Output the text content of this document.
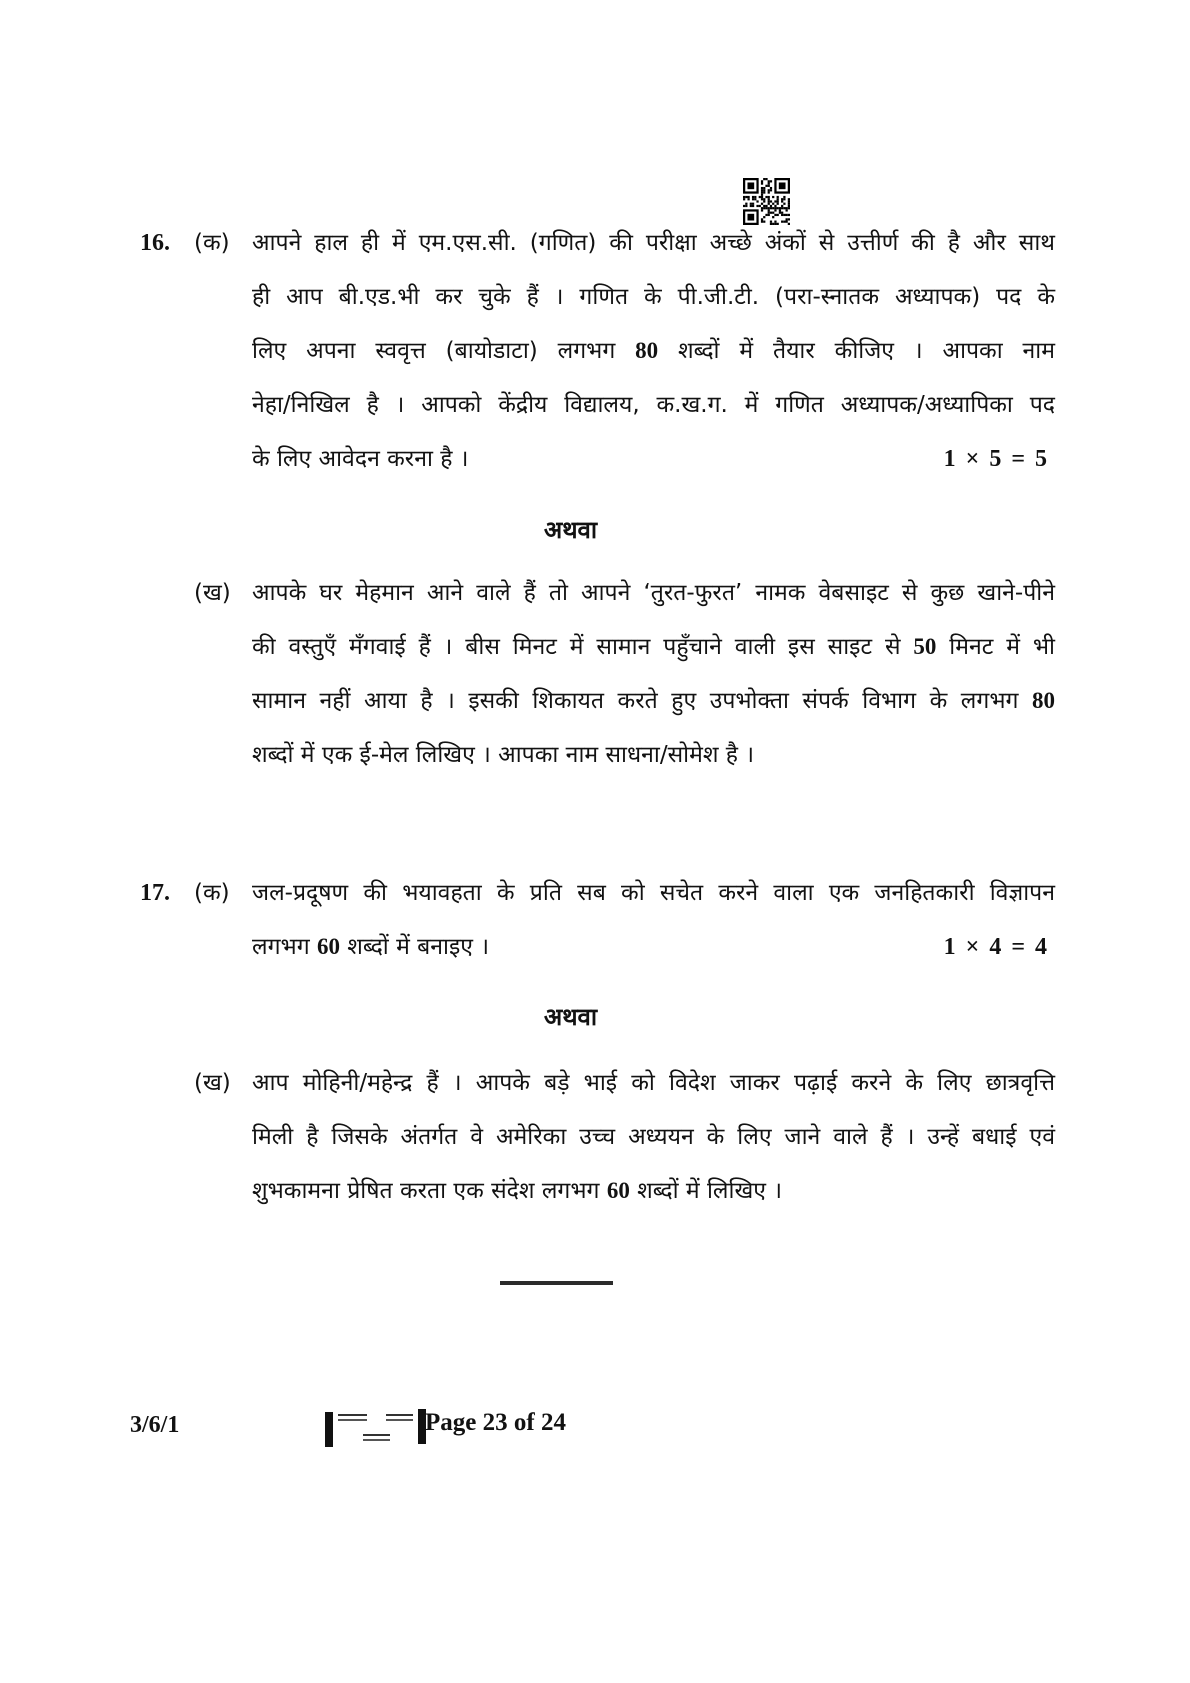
16. (क) आपने हाल ही में एम.एस.सी. (गणित) की परीक्षा अच्छे अंकों से उत्तीर्ण की है और साथ
ही आप बी.एड.भी कर चुके हैं । गणित के पी.जी.टी. (परा-स्नातक अध्यापक) पद के
लिए अपना स्ववृत्त (बायोडाटा) लगभग 80 शब्दों में तैयार कीजिए । आपका नाम
नेहा/निखिल है । आपको केंद्रीय विद्यालय, क.ख.ग. में गणित अध्यापक/अध्यापिका पद
के लिए आवेदन करना है ।	1 × 5 = 5
अथवा
(ख) आपके घर मेहमान आने वाले हैं तो आपने ‘तुरत-फुरत’ नामक वेबसाइट से कुछ खाने-पीने
की वस्तुएँ मँगवाई हैं । बीस मिनट में सामान पहुँचाने वाली इस साइट से 50 मिनट में भी
सामान नहीं आया है । इसकी शिकायत करते हुए उपभोक्ता संपर्क विभाग के लगभग 80
शब्दों में एक ई-मेल लिखिए । आपका नाम साधना/सोमेश है ।
17. (क) जल-प्रदूषण की भयावहता के प्रति सब को सचेत करने वाला एक जनहितकारी विज्ञापन
लगभग 60 शब्दों में बनाइए ।	1 × 4 = 4
अथवा
(ख) आप मोहिनी/महेन्द्र हैं । आपके बड़े भाई को विदेश जाकर पढ़ाई करने के लिए छात्रवृत्ति
मिली है जिसके अंतर्गत वे अमेरिका उच्च अध्ययन के लिए जाने वाले हैं । उन्हें बधाई एवं
शुभकामना प्रेषित करता एक संदेश लगभग 60 शब्दों में लिखिए ।
3/6/1	Page 23 of 24
